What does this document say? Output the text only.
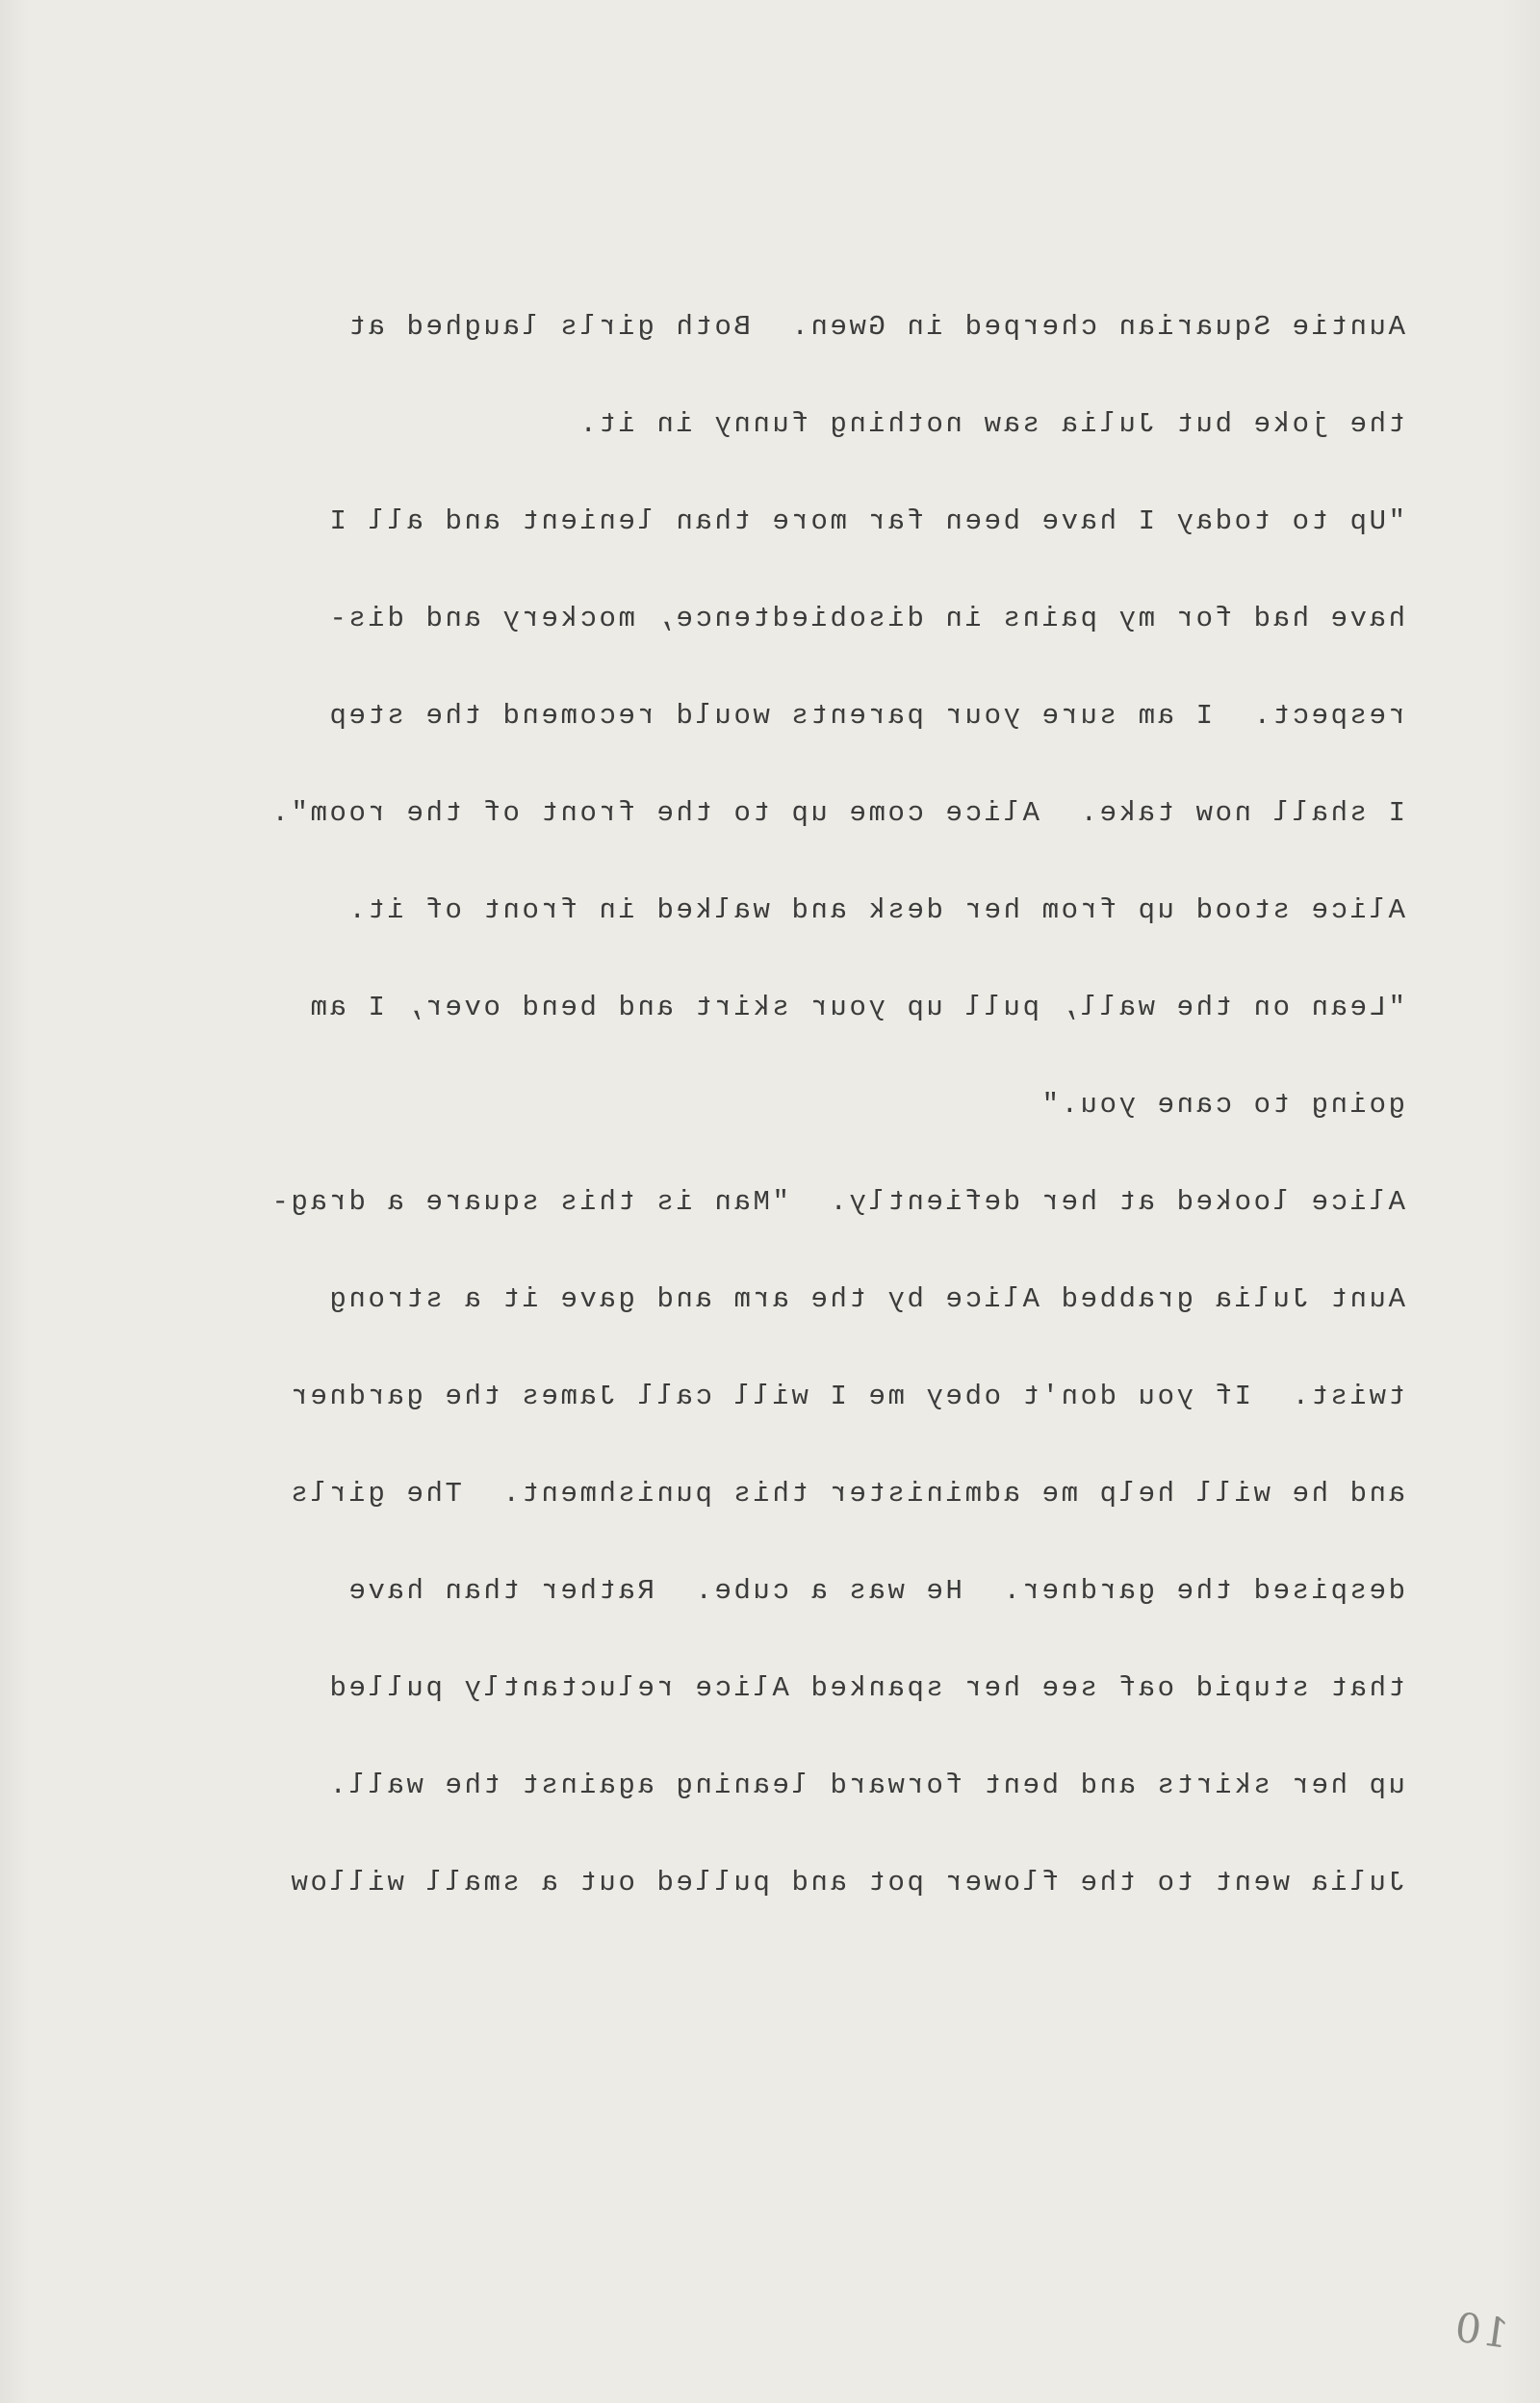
Auntie Squarian cherped in Gwen.  Both girls laughed at
the joke but Julia saw nothing funny in it.
"Up to today I have been far more than lenient and all I
have had for my pains in disobiedtence, mockery and dis-
respect.  I am sure your parents would recomend the step
I shall now take.  Alice come up to the front of the room".
Alice stood up from her desk and walked in front of it.
"Lean on the wall, pull up your skirt and bend over, I am
going to cane you."
Alice looked at her defiently.  "Man is this square a drag-
Aunt Julia grabbed Alice by the arm and gave it a strong
twist.  If you don't obey me I will call James the gardner
and he will help me administer this punishment.  The girls
despised the gardner.  He was a cube.  Rather than have
that stupid oaf see her spanked Alice reluctantly pulled
up her skirts and bent forward leaning against the wall.
Julia went to the flower pot and pulled out a small willow
10
